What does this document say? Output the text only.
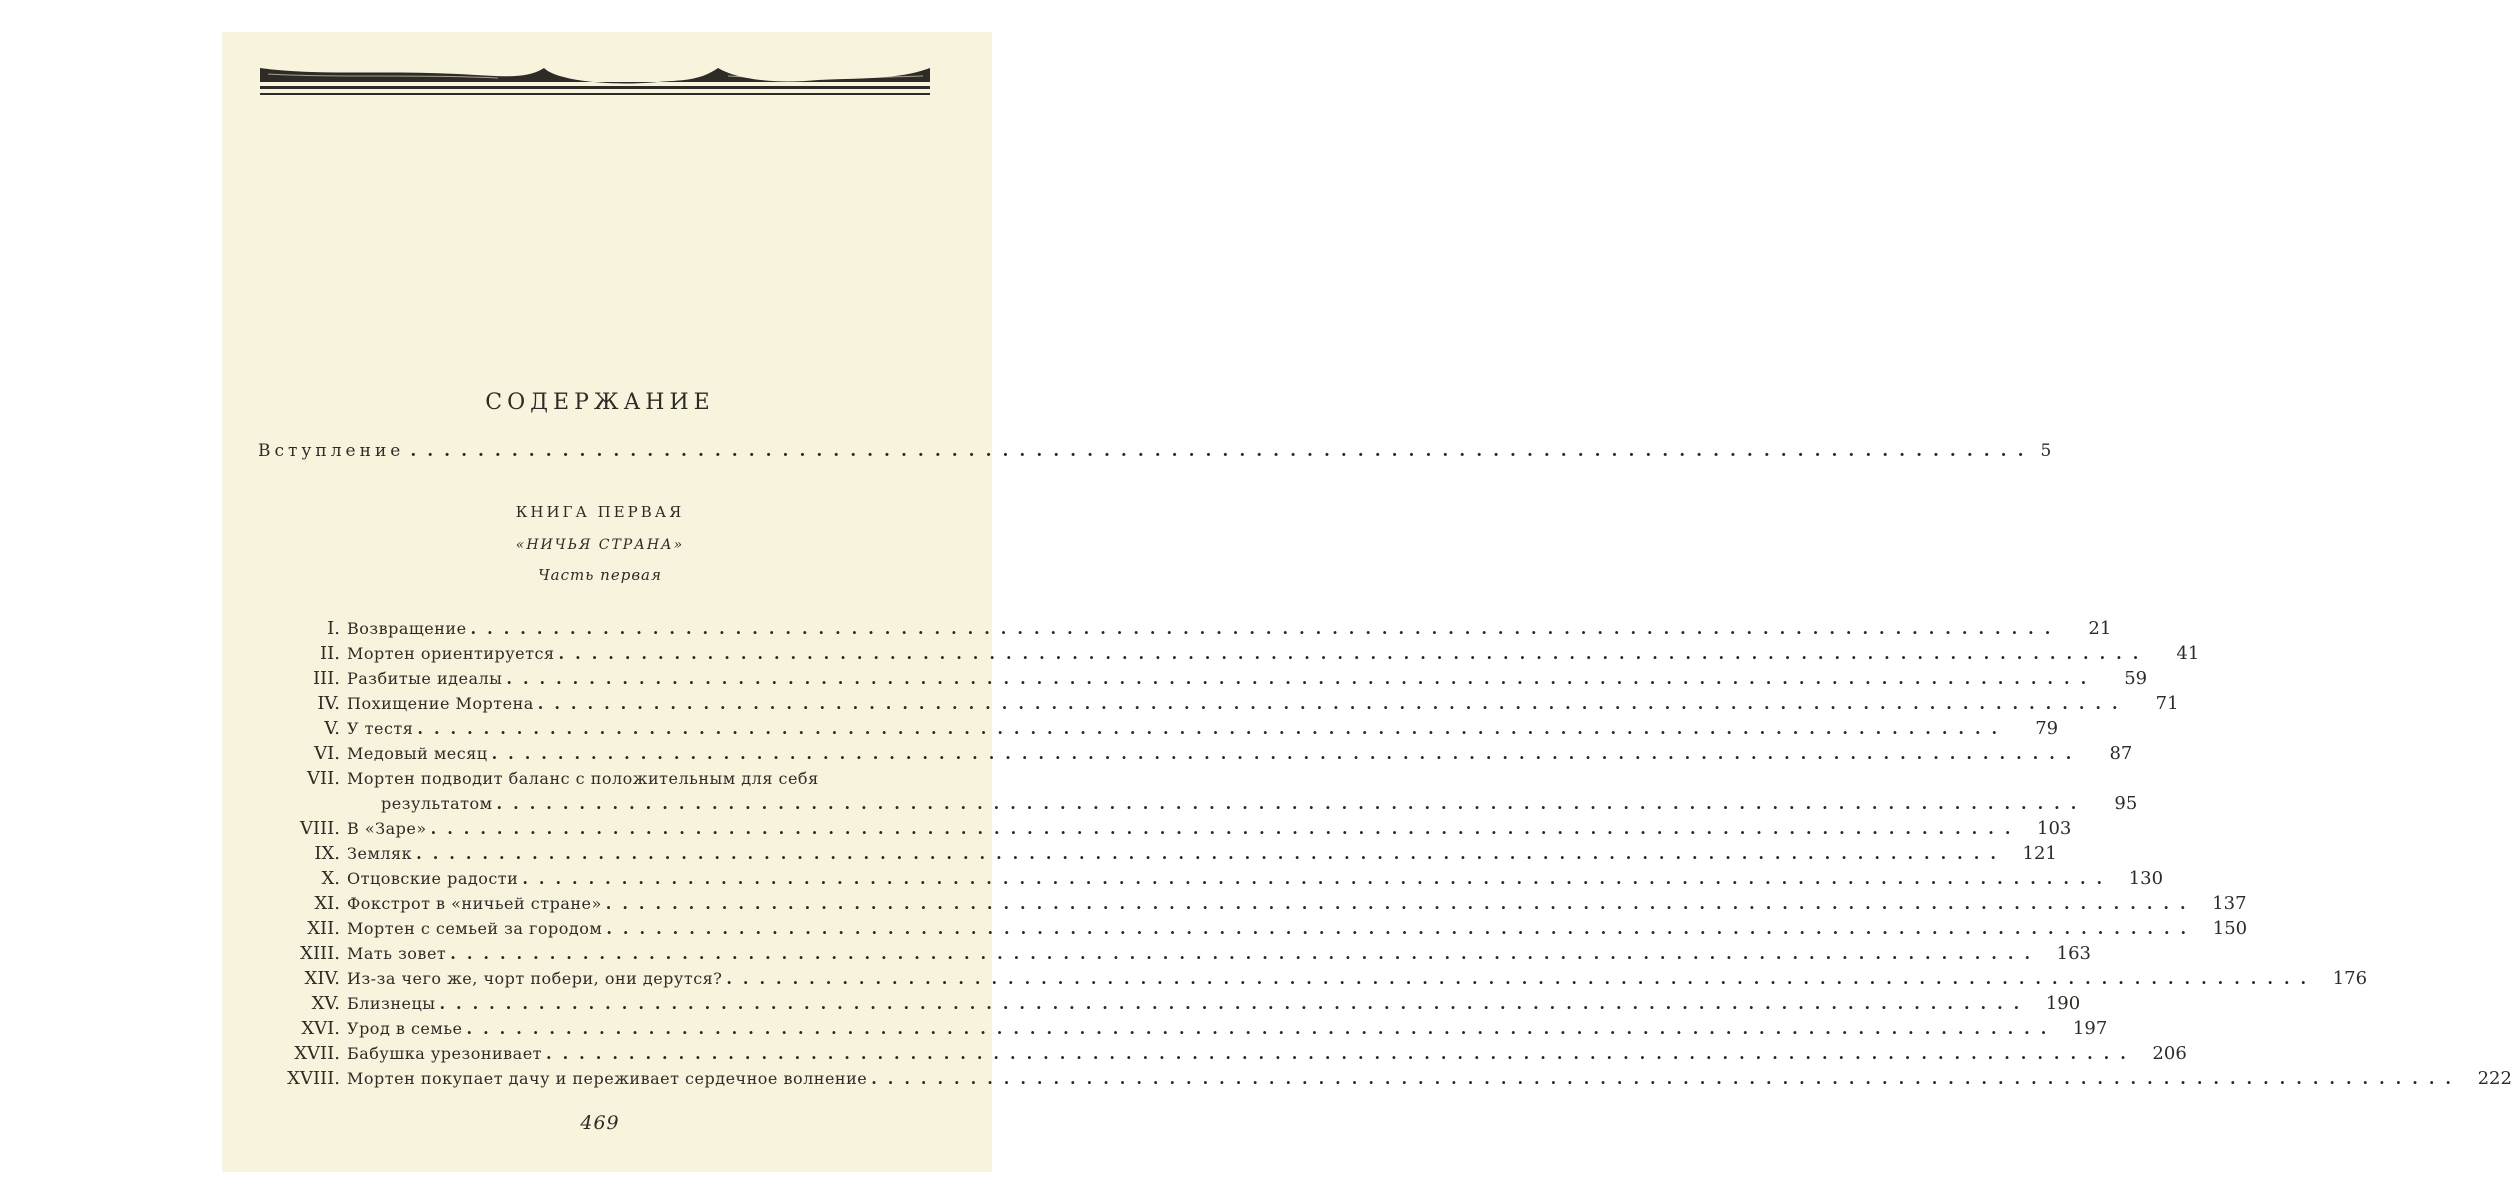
СОДЕРЖАНИЕ
Вступление .....	5
КНИГА ПЕРВАЯ
«НИЧЬЯ СТРАНА»
Часть первая
I. Возвращение .....	21
II. Мортен ориентируется .....	41
III. Разбитые идеалы .....	59
IV. Похищение Мортена .....	71
V. У тестя .....	79
VI. Медовый месяц .....	87
VII. Мортен подводит баланс с положительным для себя
результатом .....	95
VIII. В «Заре» .....	103
IX. Земляк .....	121
X. Отцовские радости .....	130
XI. Фокстрот в «ничьей стране» .....	137
XII. Мортен с семьей за городом .....	150
XIII. Мать зовет .....	163
XIV. Из-за чего же, чорт побери, они дерутся? .....	176
XV. Близнецы .....	190
XVI. Урод в семье .....	197
XVII. Бабушка урезонивает .....	206
XVIII. Мортен покупает дачу и переживает сердечное волнение .....	222
469
